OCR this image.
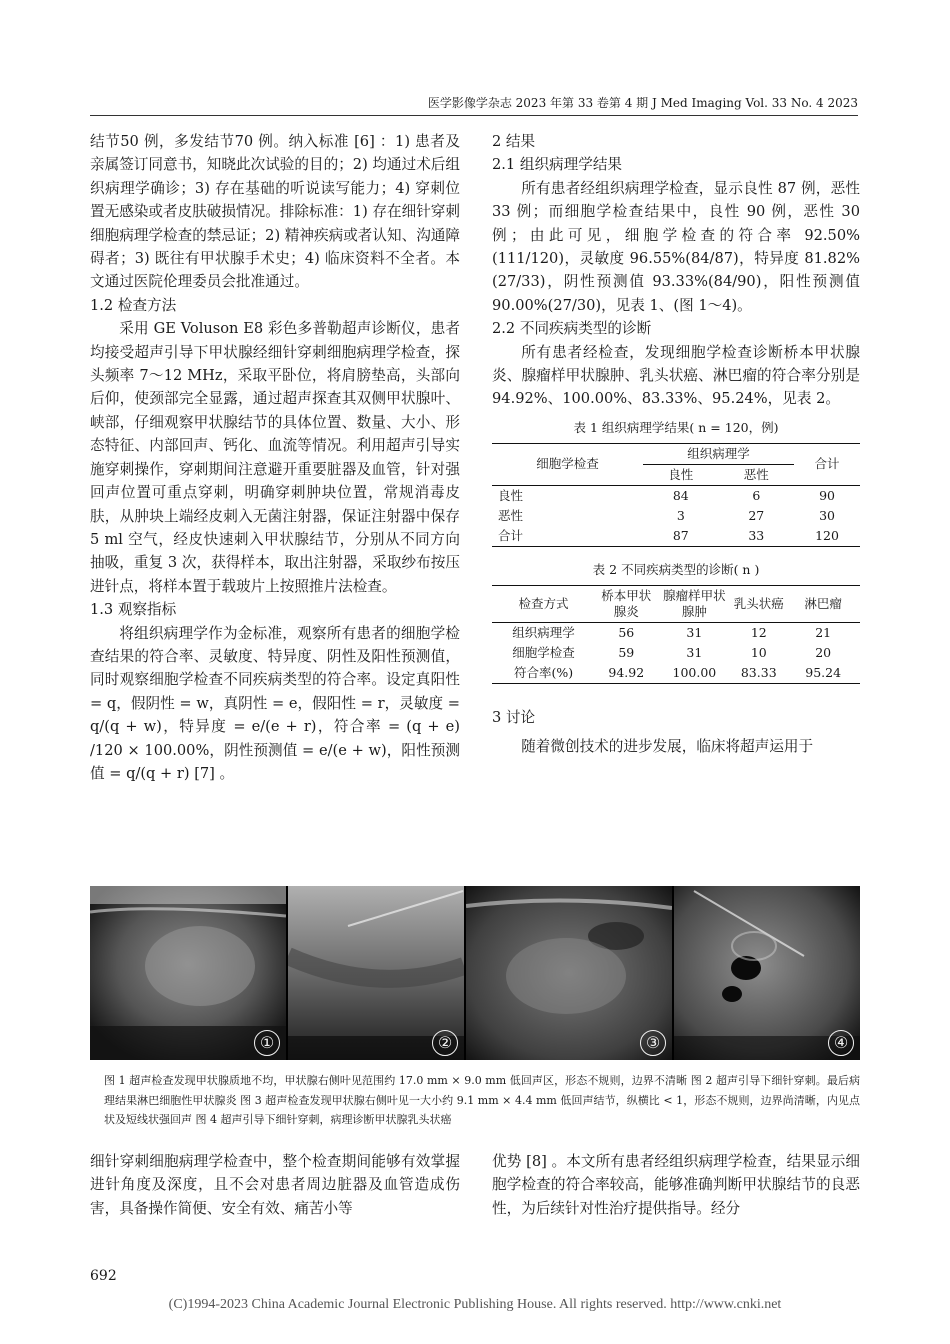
医学影像学杂志 2023 年第 33 卷第 4 期 J Med Imaging Vol. 33 No. 4 2023

结节50 例，多发结节70 例。纳入标准 [6] ：1) 患者及亲属签订同意书，知晓此次试验的目的；2) 均通过术后组织病理学确诊；3) 存在基础的听说读写能力；4) 穿刺位置无感染或者皮肤破损情况。排除标准：1) 存在细针穿刺细胞病理学检查的禁忌证；2) 精神疾病或者认知、沟通障碍者；3) 既往有甲状腺手术史；4) 临床资料不全者。本文通过医院伦理委员会批准通过。

1.2 检查方法

采用 GE Voluson E8 彩色多普勒超声诊断仪，患者均接受超声引导下甲状腺经细针穿刺细胞病理学检查，探头频率 7～12 MHz，采取平卧位，将肩膀垫高，头部向后仰，使颈部完全显露，通过超声探查其双侧甲状腺叶、峡部，仔细观察甲状腺结节的具体位置、数量、大小、形态特征、内部回声、钙化、血流等情况。利用超声引导实施穿刺操作，穿刺期间注意避开重要脏器及血管，针对强回声位置可重点穿刺，明确穿刺肿块位置，常规消毒皮肤，从肿块上端经皮刺入无菌注射器，保证注射器中保存 5 ml 空气，经皮快速刺入甲状腺结节，分别从不同方向抽吸，重复 3 次，获得样本，取出注射器，采取纱布按压进针点，将样本置于载玻片上按照推片法检查。

1.3 观察指标

将组织病理学作为金标准，观察所有患者的细胞学检查结果的符合率、灵敏度、特异度、阴性及阳性预测值，同时观察细胞学检查不同疾病类型的符合率。设定真阳性 = q，假阴性 = w，真阴性 = e，假阳性 = r，灵敏度 = q/(q + w)，特异度 = e/(e + r)，符合率 = (q + e) /120 × 100.00%，阴性预测值 = e/(e + w)，阳性预测值 = q/(q + r) [7] 。

2 结果

2.1 组织病理学结果

所有患者经组织病理学检查，显示良性 87 例，恶性 33 例；而细胞学检查结果中，良性 90 例，恶性 30 例；由此可见，细胞学检查的符合率 92.50%(111/120)，灵敏度 96.55%(84/87)，特异度 81.82%(27/33)，阴性预测值 93.33%(84/90)，阳性预测值 90.00%(27/30)，见表 1、(图 1～4)。

2.2 不同疾病类型的诊断

所有患者经检查，发现细胞学检查诊断桥本甲状腺炎、腺瘤样甲状腺肿、乳头状癌、淋巴瘤的符合率分别是 94.92%、100.00%、83.33%、95.24%，见表 2。

表 1 组织病理学结果( n = 120，例)
细胞学检查	组织病理学		合计
	良性	恶性	
良性	84	6	90
恶性	3	27	30
合计	87	33	120
表 2 不同疾病类型的诊断( n )
检查方式	桥本甲状腺炎	腺瘤样甲状腺肿	乳头状癌	淋巴瘤
组织病理学	56	31	12	21
细胞学检查	59	31	10	20
符合率(%)	94.92	100.00	83.33	95.24

3 讨论

随着微创技术的进步发展，临床将超声运用于

①	②	③	④
图 1 超声检查发现甲状腺质地不均，甲状腺右侧叶见范围约 17.0 mm × 9.0 mm 低回声区，形态不规则，边界不清晰 图 2 超声引导下细针穿刺。最后病理结果淋巴细胞性甲状腺炎 图 3 超声检查发现甲状腺右侧叶见一大小约 9.1 mm × 4.4 mm 低回声结节，纵横比 < 1，形态不规则，边界尚清晰，内见点状及短线状强回声 图 4 超声引导下细针穿刺，病理诊断甲状腺乳头状癌
细针穿刺细胞病理学检查中，整个检查期间能够有效掌握进针角度及深度，且不会对患者周边脏器及血管造成伤害，具备操作简便、安全有效、痛苦小等
优势 [8] 。本文所有患者经组织病理学检查，结果显示细胞学检查的符合率较高，能够准确判断甲状腺结节的良恶性，为后续针对性治疗提供指导。经分
692
(C)1994-2023 China Academic Journal Electronic Publishing House. All rights reserved. http://www.cnki.net
